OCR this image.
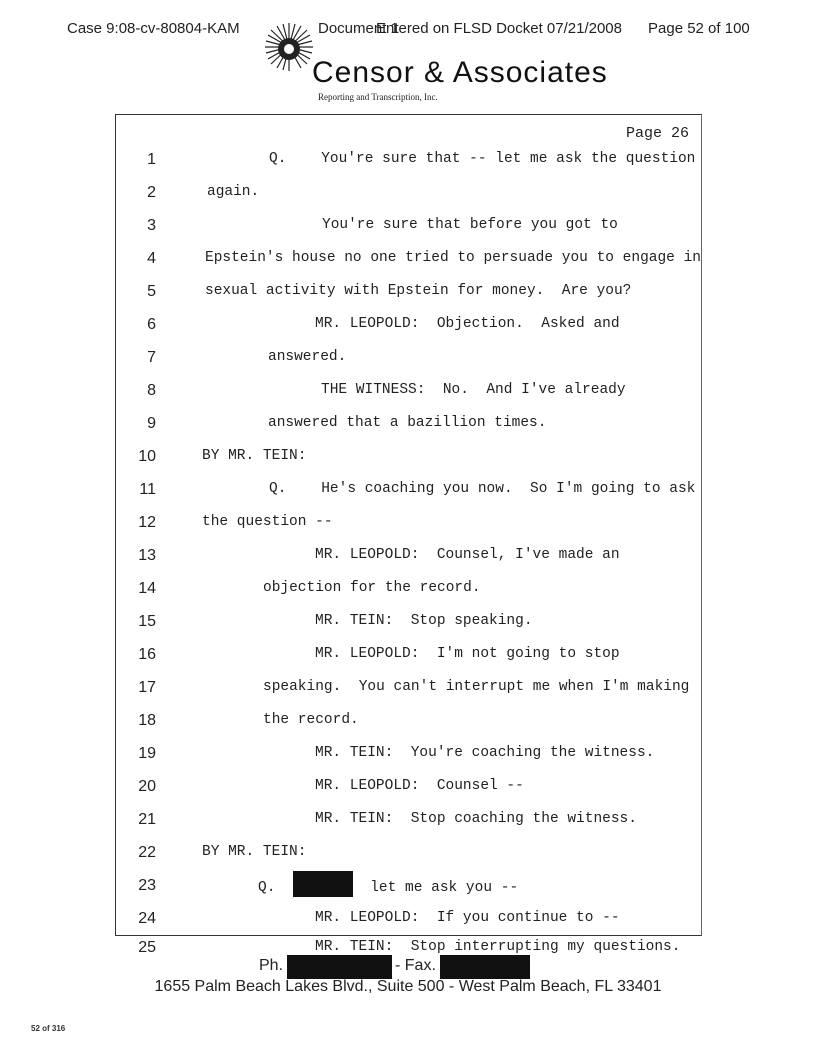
Case 9:08-cv-80804-KAM	Document 1
Entered on FLSD Docket 07/21/2008 Page 52 of 100
Censor & Associates
Reporting and Transcription, Inc.
Page 26
1	Q.    You're sure that -- let me ask the question
2	again.
3	You're sure that before you got to
4	Epstein's house no one tried to persuade you to engage in
5	sexual activity with Epstein for money.  Are you?
6	MR. LEOPOLD:  Objection.  Asked and
7	answered.
8	THE WITNESS:  No.  And I've already
9	answered that a bazillion times.
10	BY MR. TEIN:
11	Q.    He's coaching you now.  So I'm going to ask
12	the question --
13	MR. LEOPOLD:  Counsel, I've made an
14	objection for the record.
15	MR. TEIN:  Stop speaking.
16	MR. LEOPOLD:  I'm not going to stop
17	speaking.  You can't interrupt me when I'm making
18	the record.
19	MR. TEIN:  You're coaching the witness.
20	MR. LEOPOLD:  Counsel --
21	MR. TEIN:  Stop coaching the witness.
22	BY MR. TEIN:
23	Q.	let me ask you --
24	MR. LEOPOLD:  If you continue to --
25	MR. TEIN:  Stop interrupting my questions.
Ph.	- Fax.
1655 Palm Beach Lakes Blvd., Suite 500 - West Palm Beach, FL 33401
52 of 316
